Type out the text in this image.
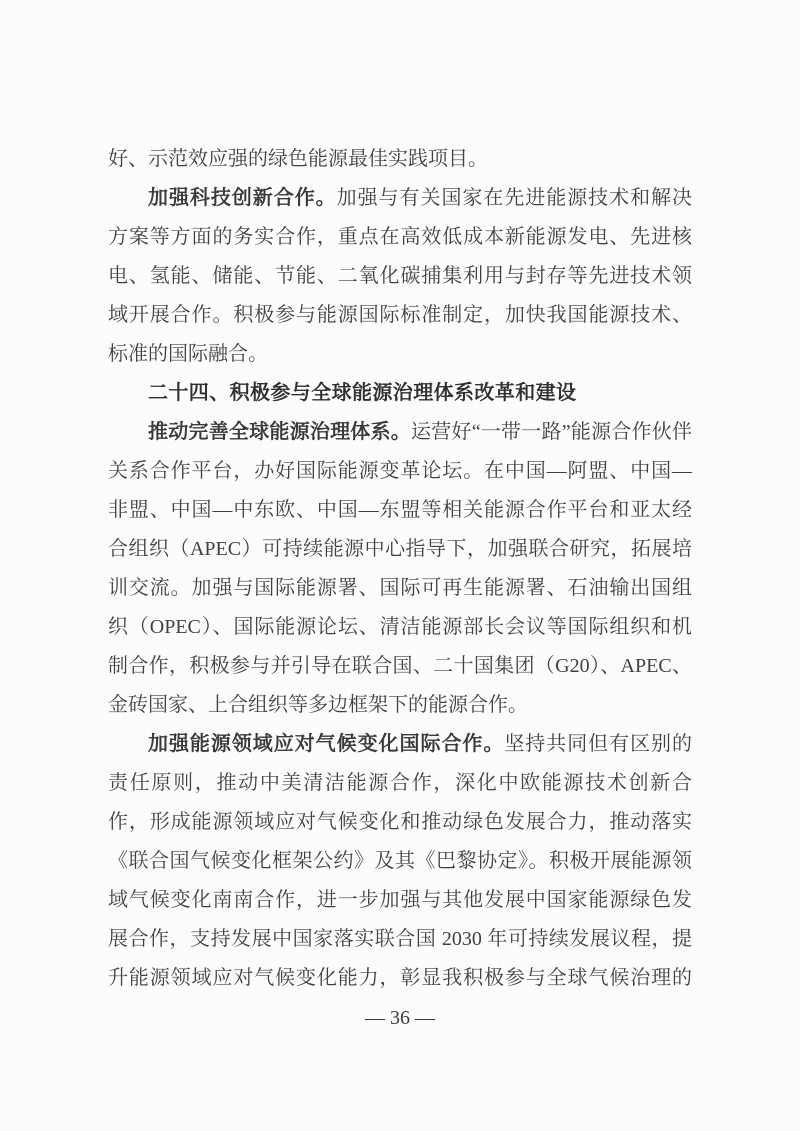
好、示范效应强的绿色能源最佳实践项目。
加强科技创新合作。加强与有关国家在先进能源技术和解决
方案等方面的务实合作，重点在高效低成本新能源发电、先进核
电、氢能、储能、节能、二氧化碳捕集利用与封存等先进技术领
域开展合作。积极参与能源国际标准制定，加快我国能源技术、
标准的国际融合。
二十四、积极参与全球能源治理体系改革和建设
推动完善全球能源治理体系。运营好“一带一路”能源合作伙伴
关系合作平台，办好国际能源变革论坛。在中国—阿盟、中国—
非盟、中国—中东欧、中国—东盟等相关能源合作平台和亚太经
合组织（APEC）可持续能源中心指导下，加强联合研究，拓展培
训交流。加强与国际能源署、国际可再生能源署、石油输出国组
织（OPEC）、国际能源论坛、清洁能源部长会议等国际组织和机
制合作，积极参与并引导在联合国、二十国集团（G20）、APEC、
金砖国家、上合组织等多边框架下的能源合作。
加强能源领域应对气候变化国际合作。坚持共同但有区别的
责任原则，推动中美清洁能源合作，深化中欧能源技术创新合
作，形成能源领域应对气候变化和推动绿色发展合力，推动落实
《联合国气候变化框架公约》及其《巴黎协定》。积极开展能源领
域气候变化南南合作，进一步加强与其他发展中国家能源绿色发
展合作，支持发展中国家落实联合国 2030 年可持续发展议程，提
升能源领域应对气候变化能力，彰显我积极参与全球气候治理的
— 36 —
